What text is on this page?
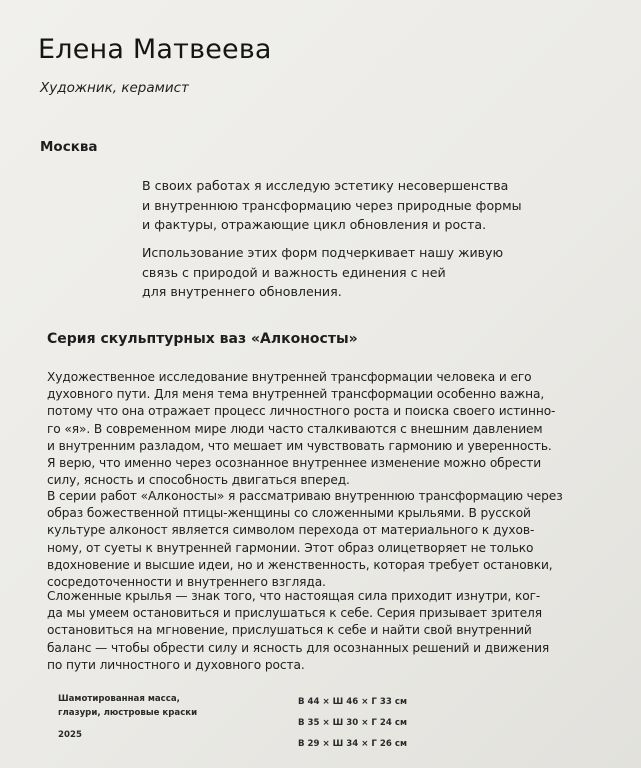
Елена Матвеева
Художник, керамист
Москва
В своих работах я исследую эстетику несовершенства
и внутреннюю трансформацию через природные формы
и фактуры, отражающие цикл обновления и роста.
Использование этих форм подчеркивает нашу живую
связь с природой и важность единения с ней
для внутреннего обновления.
Серия скульптурных ваз «Алконосты»
Художественное исследование внутренней трансформации человека и его
духовного пути. Для меня тема внутренней трансформации особенно важна,
потому что она отражает процесс личностного роста и поиска своего истинно-
го «я». В современном мире люди часто сталкиваются с внешним давлением
и внутренним разладом, что мешает им чувствовать гармонию и уверенность.
Я верю, что именно через осознанное внутреннее изменение можно обрести
силу, ясность и способность двигаться вперед.
В серии работ «Алконосты» я рассматриваю внутреннюю трансформацию через
образ божественной птицы-женщины со сложенными крыльями. В русской
культуре алконост является символом перехода от материального к духов-
ному, от суеты к внутренней гармонии. Этот образ олицетворяет не только
вдохновение и высшие идеи, но и женственность, которая требует остановки,
сосредоточенности и внутреннего взгляда.
Сложенные крылья — знак того, что настоящая сила приходит изнутри, ког-
да мы умеем остановиться и прислушаться к себе. Серия призывает зрителя
остановиться на мгновение, прислушаться к себе и найти свой внутренний
баланс — чтобы обрести силу и ясность для осознанных решений и движения
по пути личностного и духовного роста.
Шамотированная масса,
глазури, люстровые краски
2025
В 44 × Ш 46 × Г 33 см
В 35 × Ш 30 × Г 24 см
В 29 × Ш 34 × Г 26 см
